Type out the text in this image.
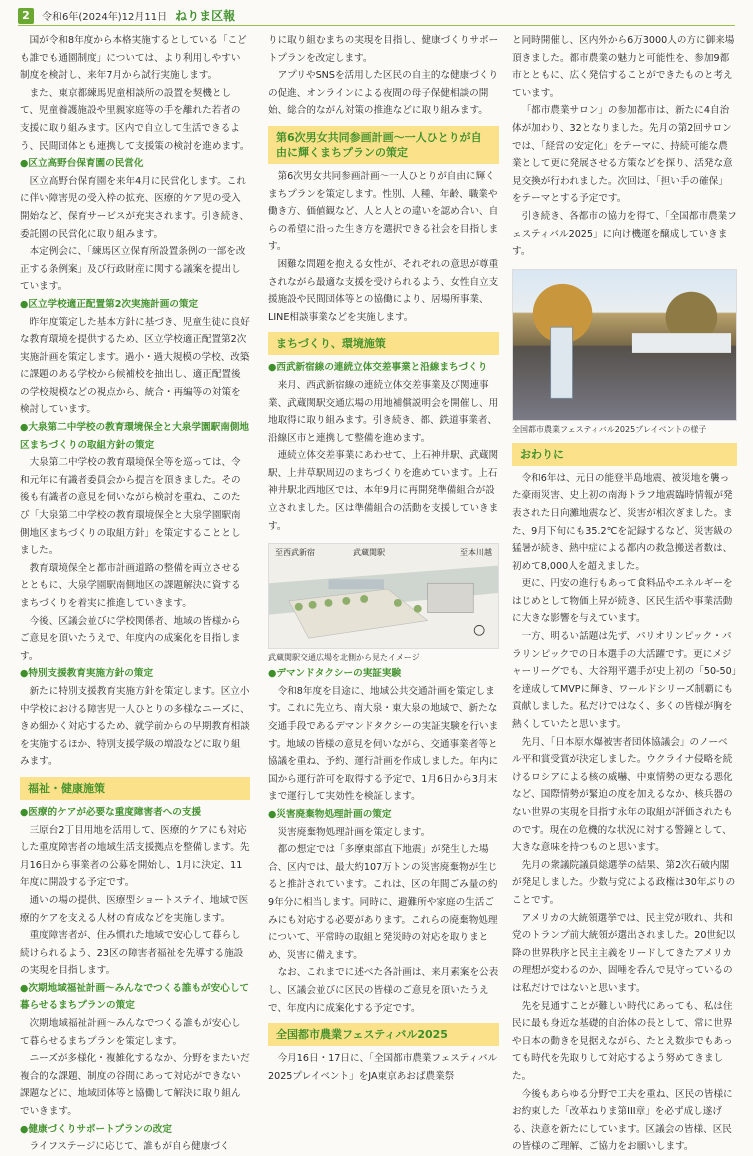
2	令和6年(2024年)12月11日 ねりま区報
国が令和8年度から本格実施するとしている「こども誰でも通園制度」については、より利用しやすい制度を検討し、来年7月から試行実施します。
また、東京都練馬児童相談所の設置を契機として、児童養護施設や里親家庭等の手を離れた若者の支援に取り組みます。区内で自立して生活できるよう、民間団体とも連携して支援策の検討を進めます。
●区立高野台保育園の民営化
区立高野台保育園を来年4月に民営化します。これに伴い障害児の受入枠の拡充、医療的ケア児の受入開始など、保育サービスが充実されます。引き続き、委託園の民営化に取り組みます。
本定例会に、「練馬区立保育所設置条例の一部を改正する条例案」及び行政財産に関する議案を提出しています。
●区立学校適正配置第2次実施計画の策定
昨年度策定した基本方針に基づき、児童生徒に良好な教育環境を提供するため、区立学校適正配置第2次実施計画を策定します。過小・過大規模の学校、改築に課題のある学校から候補校を抽出し、適正配置後の学校規模などの視点から、統合・再編等の対策を検討しています。
●大泉第二中学校の教育環境保全と大泉学園駅南側地区まちづくりの取組方針の策定
大泉第二中学校の教育環境保全等を巡っては、令和元年に有識者委員会から提言を頂きました。その後も有識者の意見を伺いながら検討を重ね、このたび「大泉第二中学校の教育環境保全と大泉学園駅南側地区まちづくりの取組方針」を策定することとしました。
教育環境保全と都市計画道路の整備を両立させるとともに、大泉学園駅南側地区の課題解決に資するまちづくりを着実に推進していきます。
今後、区議会並びに学校関係者、地域の皆様からご意見を頂いたうえで、年度内の成案化を目指します。
●特別支援教育実施方針の策定
新たに特別支援教育実施方針を策定します。区立小中学校における障害児一人ひとりの多様なニーズに、きめ細かく対応するため、就学前からの早期教育相談を実施するほか、特別支援学級の増設などに取り組みます。
福祉・健康施策
●医療的ケアが必要な重度障害者への支援
三原台2丁目用地を活用して、医療的ケアにも対応した重度障害者の地域生活支援拠点を整備します。先月16日から事業者の公募を開始し、1月に決定、11年度に開設する予定です。
通いの場の提供、医療型ショートステイ、地域で医療的ケアを支える人材の育成などを実施します。
重度障害者が、住み慣れた地域で安心して暮らし続けられるよう、23区の障害者福祉を先導する施設の実現を目指します。
●次期地域福祉計画〜みんなでつくる誰もが安心して暮らせるまちプランの策定
次期地域福祉計画〜みんなでつくる誰もが安心して暮らせるまちプランを策定します。
ニーズが多様化・複雑化するなか、分野をまたいだ複合的な課題、制度の谷間にあって対応ができない課題などに、地域団体等と協働して解決に取り組んでいきます。
●健康づくりサポートプランの改定
ライフステージに応じて、誰もが自ら健康づく
りに取り組むまちの実現を目指し、健康づくりサポートプランを改定します。
アプリやSNSを活用した区民の自主的な健康づくりの促進、オンラインによる夜間の母子保健相談の開始、総合的ながん対策の推進などに取り組みます。
第6次男女共同参画計画〜一人ひとりが自由に輝くまちプランの策定
第6次男女共同参画計画〜一人ひとりが自由に輝くまちプランを策定します。性別、人種、年齢、職業や働き方、価値観など、人と人との違いを認め合い、自らの希望に沿った生き方を選択できる社会を目指します。
困難な問題を抱える女性が、それぞれの意思が尊重されながら最適な支援を受けられるよう、女性自立支援施設や民間団体等との協働により、居場所事業、LINE相談事業などを実施します。
まちづくり、環境施策
●西武新宿線の連続立体交差事業と沿線まちづくり
来月、西武新宿線の連続立体交差事業及び関連事業、武蔵関駅交通広場の用地補償説明会を開催し、用地取得に取り組みます。引き続き、都、鉄道事業者、沿線区市と連携して整備を進めます。
連続立体交差事業にあわせて、上石神井駅、武蔵関駅、上井草駅周辺のまちづくりを進めています。上石神井駅北西地区では、本年9月に再開発準備組合が設立されました。区は準備組合の活動を支援していきます。
至西武新宿	武蔵関駅	至本川越
武蔵関駅交通広場を北側から見たイメージ
●デマンドタクシーの実証実験
令和8年度を目途に、地域公共交通計画を策定します。これに先立ち、南大泉・東大泉の地域で、新たな交通手段であるデマンドタクシーの実証実験を行います。地域の皆様の意見を伺いながら、交通事業者等と協議を重ね、予約、運行計画を作成しました。年内に国から運行許可を取得する予定で、1月6日から3月末まで運行して実効性を検証します。
●災害廃棄物処理計画の策定
災害廃棄物処理計画を策定します。
都の想定では「多摩東部直下地震」が発生した場合、区内では、最大約107万トンの災害廃棄物が生じると推計されています。これは、区の年間ごみ量の約9年分に相当します。同時に、避難所や家庭の生活ごみにも対応する必要があります。これらの廃棄物処理について、平常時の取組と発災時の対応を取りまとめ、災害に備えます。
なお、これまでに述べた各計画は、来月素案を公表し、区議会並びに区民の皆様のご意見を頂いたうえで、年度内に成案化する予定です。
全国都市農業フェスティバル2025
今月16日・17日に、「全国都市農業フェスティバル2025プレイベント」をJA東京あおば農業祭
と同時開催し、区内外から6万3000人の方に御来場頂きました。都市農業の魅力と可能性を、参加9都市とともに、広く発信することができたものと考えています。
「都市農業サロン」の参加都市は、新たに4自治体が加わり、32となりました。先月の第2回サロンでは、「経営の安定化」をテーマに、持続可能な農業として更に発展させる方策などを探り、活発な意見交換が行われました。次回は、「担い手の確保」をテーマとする予定です。
引き続き、各都市の協力を得て、「全国都市農業フェスティバル2025」に向け機運を醸成していきます。
全国都市農業フェスティバル2025プレイベントの様子
おわりに
令和6年は、元日の能登半島地震、被災地を襲った豪雨災害、史上初の南海トラフ地震臨時情報が発表された日向灘地震など、災害が相次ぎました。また、9月下旬にも35.2℃を記録するなど、災害級の猛暑が続き、熱中症による都内の救急搬送者数は、初めて8,000人を超えました。
更に、円安の進行もあって食料品やエネルギーをはじめとして物価上昇が続き、区民生活や事業活動に大きな影響を与えています。
一方、明るい話題は先ず、パリオリンピック・パラリンピックでの日本選手の大活躍です。更にメジャーリーグでも、大谷翔平選手が史上初の「50-50」を達成してMVPに輝き、ワールドシリーズ制覇にも貢献しました。私だけではなく、多くの皆様が胸を熱くしていたと思います。
先月、「日本原水爆被害者団体協議会」のノーベル平和賞受賞が決定しました。ウクライナ侵略を続けるロシアによる核の威嚇、中東情勢の更なる悪化など、国際情勢が緊迫の度を加えるなか、核兵器のない世界の実現を目指す永年の取組が評価されたものです。現在の危機的な状況に対する警鐘として、大きな意味を持つものと思います。
先月の衆議院議員総選挙の結果、第2次石破内閣が発足しました。少数与党による政権は30年ぶりのことです。
アメリカの大統領選挙では、民主党が敗れ、共和党のトランプ前大統領が選出されました。20世紀以降の世界秩序と民主主義をリードしてきたアメリカの理想が変わるのか、固唾を呑んで見守っているのは私だけではないと思います。
先を見通すことが難しい時代にあっても、私は住民に最も身近な基礎的自治体の長として、常に世界や日本の動きを見据えながら、たとえ数歩でもあっても時代を先取りして対応するよう努めてきました。
今後もあらゆる分野で工夫を重ね、区民の皆様にお約束した「改革ねりま第III章」を必ず成し遂げる、決意を新たにしています。区議会の皆様、区民の皆様のご理解、ご協力をお願いします。
